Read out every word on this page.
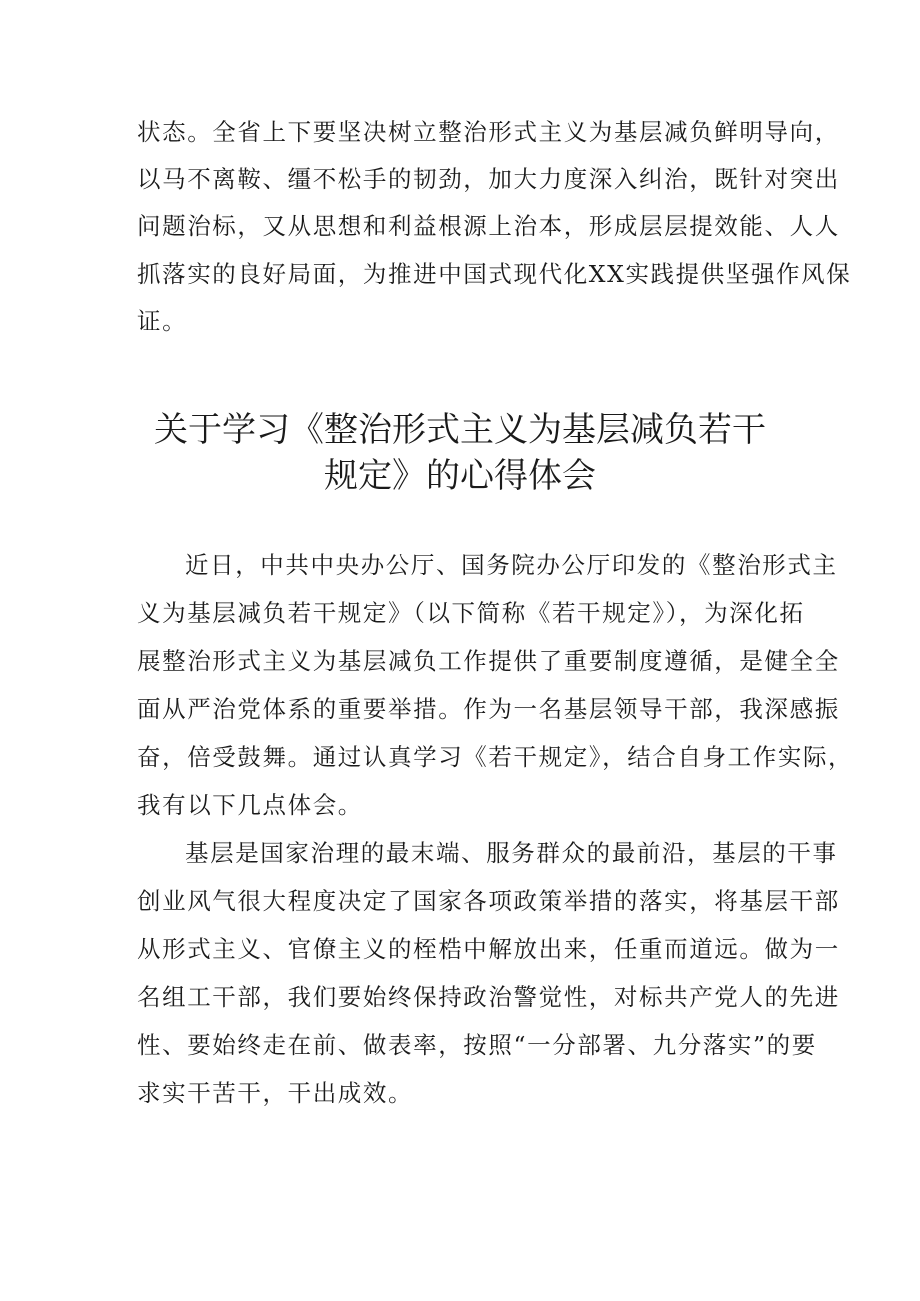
状态。全省上下要坚决树立整治形式主义为基层减负鲜明导向，

以马不离鞍、缰不松手的韧劲，加大力度深入纠治，既针对突出

问题治标，又从思想和利益根源上治本，形成层层提效能、人人

抓落实的良好局面，为推进中国式现代化XX实践提供坚强作风保

证。

关于学习《整治形式主义为基层减负若干
规定》的心得体会

近日，中共中央办公厅、国务院办公厅印发的《整治形式主

义为基层减负若干规定》（以下简称《若干规定》），为深化拓

展整治形式主义为基层减负工作提供了重要制度遵循，是健全全

面从严治党体系的重要举措。作为一名基层领导干部，我深感振

奋，倍受鼓舞。通过认真学习《若干规定》，结合自身工作实际，

我有以下几点体会。

基层是国家治理的最末端、服务群众的最前沿，基层的干事

创业风气很大程度决定了国家各项政策举措的落实，将基层干部

从形式主义、官僚主义的桎梏中解放出来，任重而道远。做为一

名组工干部，我们要始终保持政治警觉性，对标共产党人的先进

性、要始终走在前、做表率，按照“一分部署、九分落实”的要

求实干苦干，干出成效。
